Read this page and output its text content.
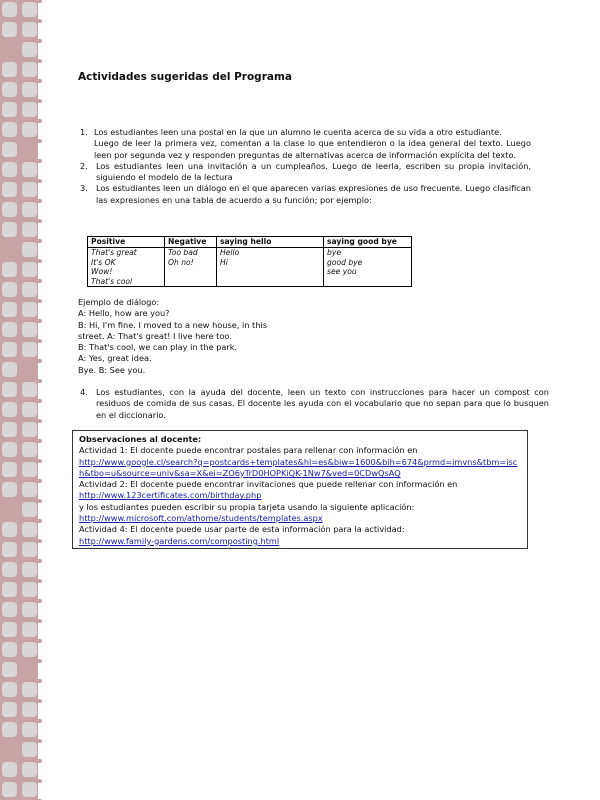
Actividades sugeridas del Programa
1. Los estudiantes leen una postal en la que un alumno le cuenta acerca de su vida a otro estudiante.
Luego de leer la primera vez, comentan a la clase lo que entendieron o la idea general del texto. Luego leen por segunda vez y responden preguntas de alternativas acerca de información explícita del texto.
2. Los estudiantes leen una invitación a un cumpleaños. Luego de leerla, escriben su propia invitación, siguiendo el modelo de la lectura
3. Los estudiantes leen un diálogo en el que aparecen varias expresiones de uso frecuente. Luego clasifican las expresiones en una tabla de acuerdo a su función; por ejemplo:
Positive	Negative	saying hello	saying good bye

That's great
It's OK
Wow!
That's cool

Too bad
Oh no!

Hello
Hi

bye
good bye
see you
Ejemplo de diálogo:
A: Hello, how are you?
B: Hi, I'm fine. I moved to a new house, in this
street. A: That's great! I live here too.
B: That's cool, we can play in the park.
A: Yes, great idea.
Bye. B: See you.
4. Los estudiantes, con la ayuda del docente, leen un texto con instrucciones para hacer un compost con residuos de comida de sus casas. El docente les ayuda con el vocabulario que no sepan para que lo busquen en el diccionario.
Observaciones al docente:
Actividad 1: El docente puede encontrar postales para rellenar con información en
http://www.google.cl/search?q=postcards+templates&hl=es&biw=1600&bih=674&prmd=imvns&tbm=isch&tbo=u&source=univ&sa=X&ei=ZO6yTrD0HOPKiQK-1Nw7&ved=0CDwQsAQ
Actividad 2: El docente puede encontrar invitaciones que puede rellenar con información en http://www.123certificates.com/birthday.php
y los estudiantes pueden escribir su propia tarjeta usando la siguiente aplicación:
http://www.microsoft.com/athome/students/templates.aspx
Actividad 4: El docente puede usar parte de esta información para la actividad:
http://www.family-gardens.com/composting.html
